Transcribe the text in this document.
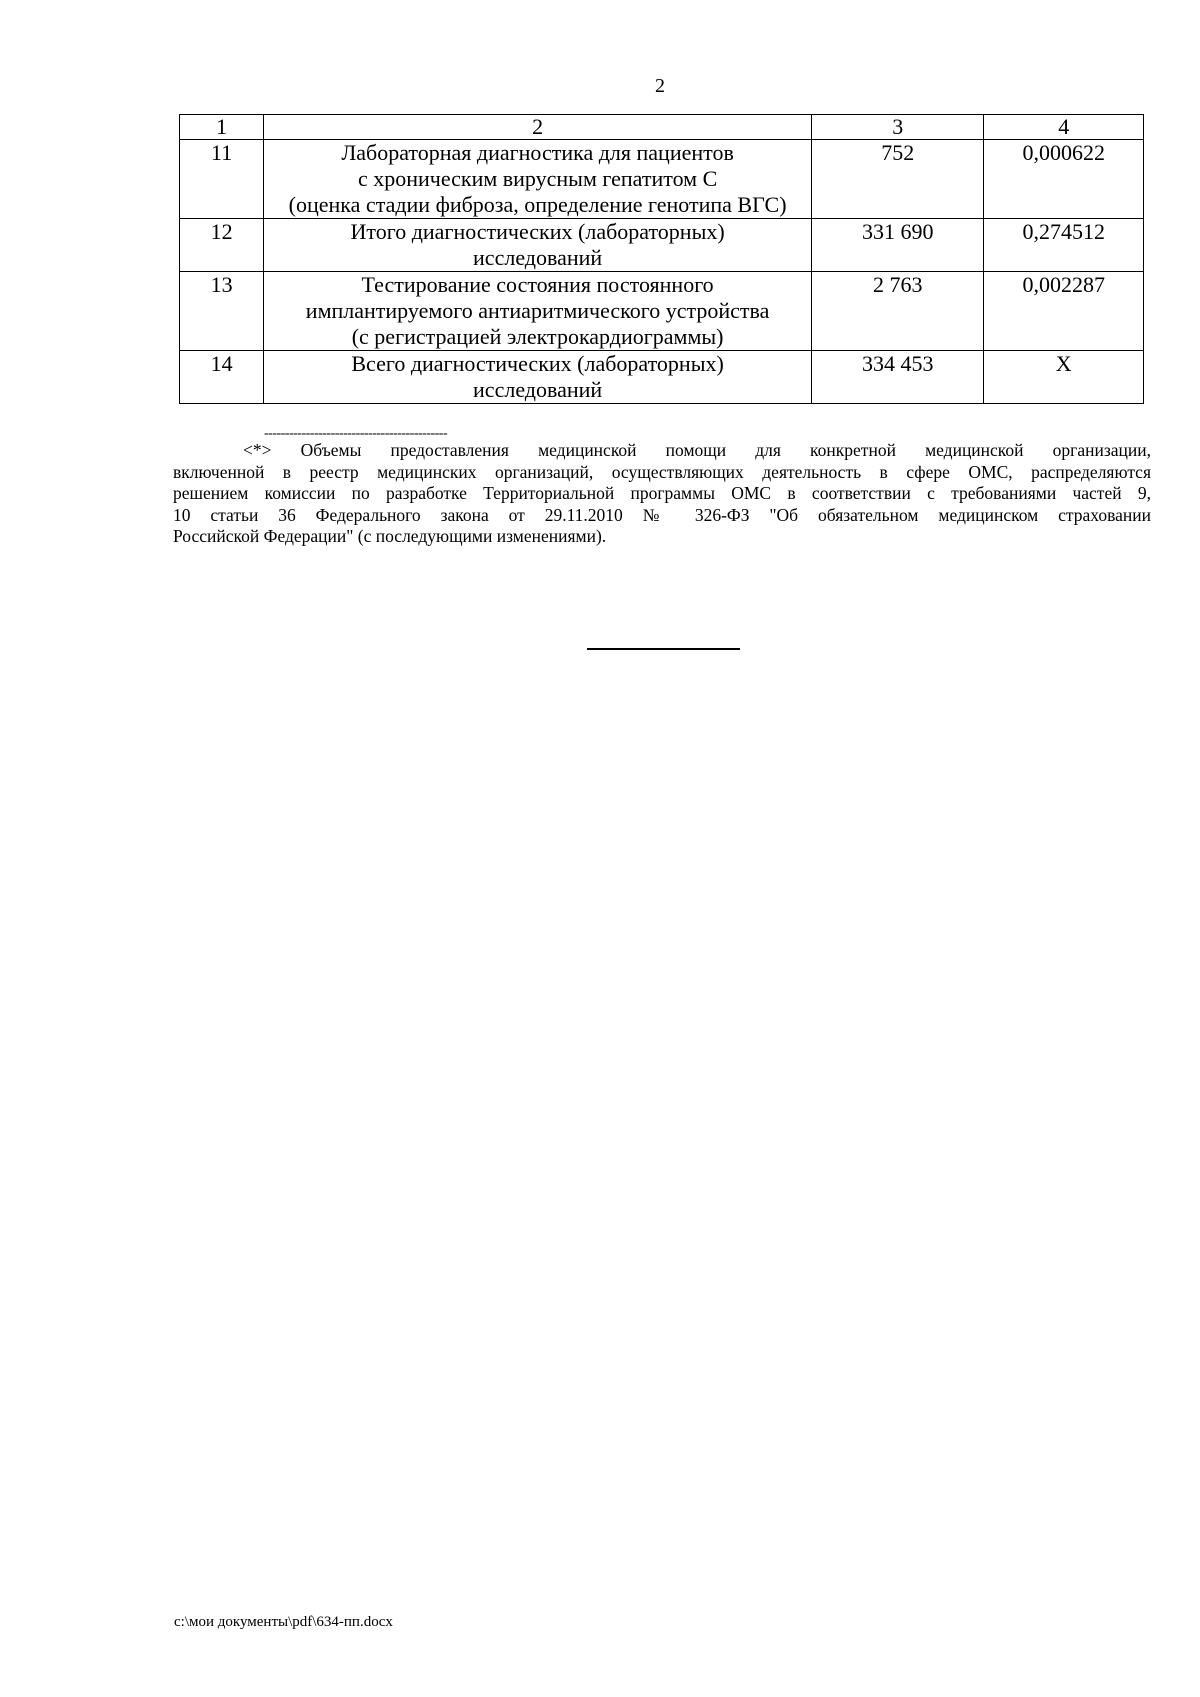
2
1	2	3	4
11	Лабораторная диагностика для пациентов
с хроническим вирусным гепатитом С
(оценка стадии фиброза, определение генотипа ВГС)	752	0,000622
12	Итого диагностических (лабораторных)
исследований	331 690	0,274512
13	Тестирование состояния постоянного
имплантируемого антиаритмического устройства
(с регистрацией электрокардиограммы)	2 763	0,002287
14	Всего диагностических (лабораторных)
исследований	334 453	Х
--------------------------------------------
<*> Объемы предоставления медицинской помощи для конкретной медицинской организации,
включенной в реестр медицинских организаций, осуществляющих деятельность в сфере ОМС, распределяются
решением комиссии по разработке Территориальной программы ОМС в соответствии с требованиями частей 9,
10 статьи 36 Федерального закона от 29.11.2010 № 326-ФЗ "Об обязательном медицинском страховании
Российской Федерации" (с последующими изменениями).
c:\мои документы\pdf\634-пп.docx
